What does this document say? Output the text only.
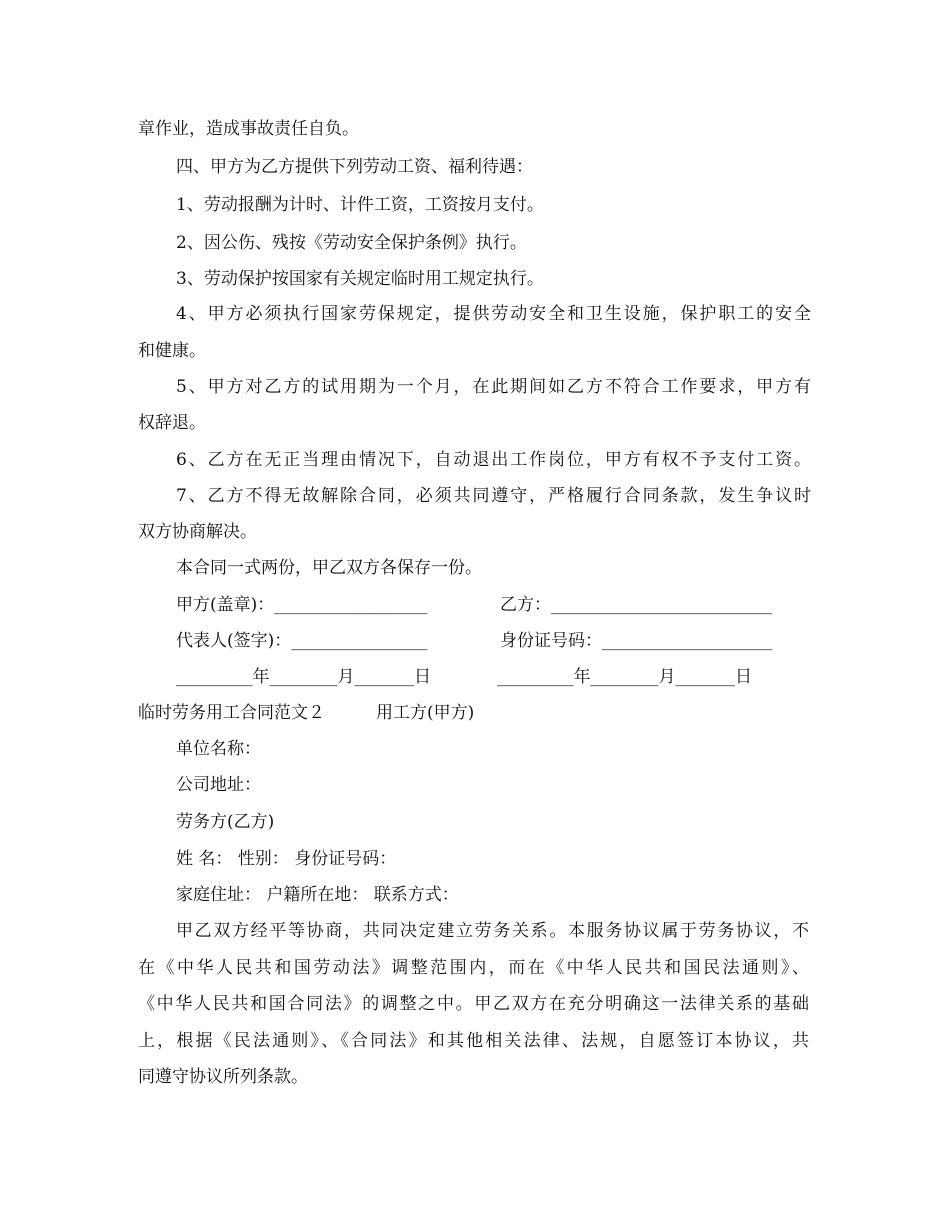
章作业，造成事故责任自负。
四、甲方为乙方提供下列劳动工资、福利待遇：
1、劳动报酬为计时、计件工资，工资按月支付。
2、因公伤、残按《劳动安全保护条例》执行。
3、劳动保护按国家有关规定临时用工规定执行。
4、甲方必须执行国家劳保规定，提供劳动安全和卫生设施，保护职工的安全
和健康。
5、甲方对乙方的试用期为一个月，在此期间如乙方不符合工作要求，甲方有
权辞退。
6、乙方在无正当理由情况下，自动退出工作岗位，甲方有权不予支付工资。
7、乙方不得无故解除合同，必须共同遵守，严格履行合同条款，发生争议时
双方协商解决。
本合同一式两份，甲乙双方各保存一份。
甲方(盖章)：__________________	乙方：__________________________
代表人(签字)：________________	身份证号码：____________________
_________年________月_______日	_________年________月_______日
临时劳务用工合同范文２	用工方(甲方)
单位名称：
公司地址：
劳务方(乙方)
姓 名： 性别： 身份证号码：
家庭住址： 户籍所在地： 联系方式：
甲乙双方经平等协商，共同决定建立劳务关系。本服务协议属于劳务协议，不
在《中华人民共和国劳动法》调整范围内，而在《中华人民共和国民法通则》、
《中华人民共和国合同法》的调整之中。甲乙双方在充分明确这一法律关系的基础
上，根据《民法通则》、《合同法》和其他相关法律、法规，自愿签订本协议，共
同遵守协议所列条款。
